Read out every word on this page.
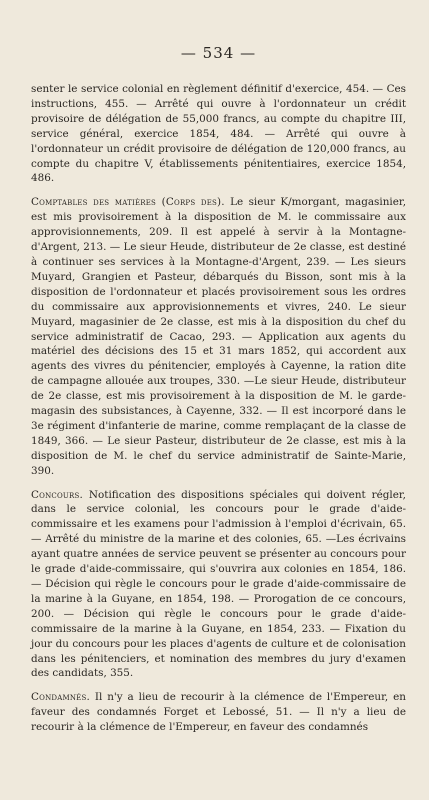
— 534 —

senter le service colonial en règlement définitif d'exercice, 454. — Ces instructions, 455. — Arrêté qui ouvre à l'ordonnateur un crédit provisoire de délégation de 55,000 francs, au compte du chapitre III, service général, exercice 1854, 484. — Arrêté qui ouvre à l'ordonnateur un crédit provisoire de délégation de 120,000 francs, au compte du chapitre V, établissements pénitentiaires, exercice 1854, 486.

Comptables des matières (Corps des). Le sieur K/morgant, magasinier, est mis provisoirement à la disposition de M. le commissaire aux approvisionnements, 209. Il est appelé à servir à la Montagne-d'Argent, 213. — Le sieur Heude, distributeur de 2e classe, est destiné à continuer ses services à la Montagne-d'Argent, 239. — Les sieurs Muyard, Grangien et Pasteur, débarqués du Bisson, sont mis à la disposition de l'ordonnateur et placés provisoirement sous les ordres du commissaire aux approvisionnements et vivres, 240. Le sieur Muyard, magasinier de 2e classe, est mis à la disposition du chef du service administratif de Cacao, 293. — Application aux agents du matériel des décisions des 15 et 31 mars 1852, qui accordent aux agents des vivres du pénitencier, employés à Cayenne, la ration dite de campagne allouée aux troupes, 330. —Le sieur Heude, distributeur de 2e classe, est mis provisoirement à la disposition de M. le garde-magasin des subsistances, à Cayenne, 332. — Il est incorporé dans le 3e régiment d'infanterie de marine, comme remplaçant de la classe de 1849, 366. — Le sieur Pasteur, distributeur de 2e classe, est mis à la disposition de M. le chef du service administratif de Sainte-Marie, 390.

Concours. Notification des dispositions spéciales qui doivent régler, dans le service colonial, les concours pour le grade d'aide-commissaire et les examens pour l'admission à l'emploi d'écrivain, 65. — Arrêté du ministre de la marine et des colonies, 65. —Les écrivains ayant quatre années de service peuvent se présenter au concours pour le grade d'aide-commissaire, qui s'ouvrira aux colonies en 1854, 186. — Décision qui règle le concours pour le grade d'aide-commissaire de la marine à la Guyane, en 1854, 198. — Prorogation de ce concours, 200. — Décision qui règle le concours pour le grade d'aide-commissaire de la marine à la Guyane, en 1854, 233. — Fixation du jour du concours pour les places d'agents de culture et de colonisation dans les pénitenciers, et nomination des membres du jury d'examen des candidats, 355.

Condamnés. Il n'y a lieu de recourir à la clémence de l'Empereur, en faveur des condamnés Forget et Lebossé, 51. — Il n'y a lieu de recourir à la clémence de l'Empereur, en faveur des condamnés
